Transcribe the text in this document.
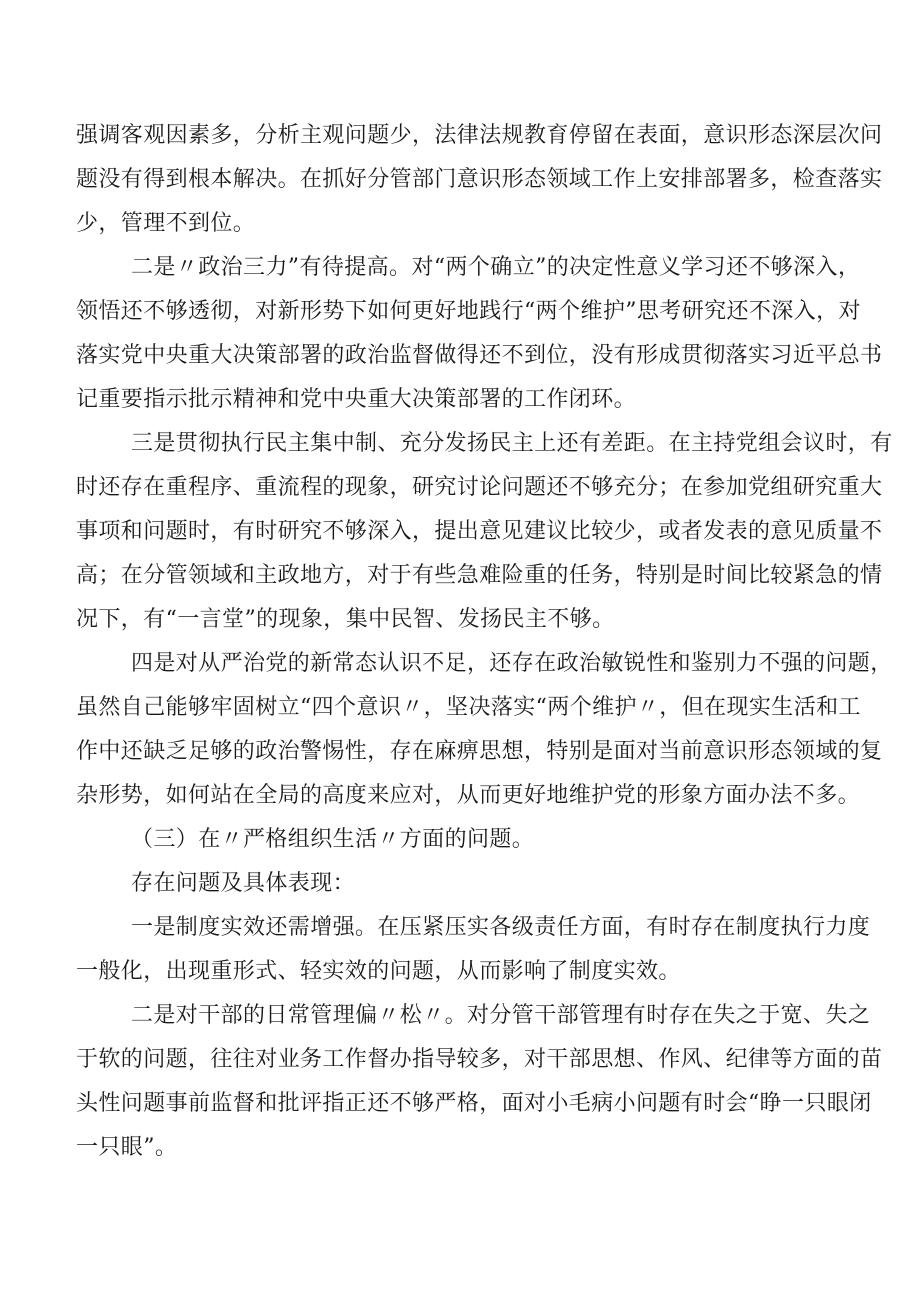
强调客观因素多，分析主观问题少，法律法规教育停留在表面，意识形态深层次问
题没有得到根本解决。在抓好分管部门意识形态领域工作上安排部署多，检查落实
少，管理不到位。
二是〃政治三力”有待提高。对“两个确立”的决定性意义学习还不够深入，
领悟还不够透彻，对新形势下如何更好地践行“两个维护”思考研究还不深入，对
落实党中央重大决策部署的政治监督做得还不到位，没有形成贯彻落实习近平总书
记重要指示批示精神和党中央重大决策部署的工作闭环。
三是贯彻执行民主集中制、充分发扬民主上还有差距。在主持党组会议时，有
时还存在重程序、重流程的现象，研究讨论问题还不够充分；在参加党组研究重大
事项和问题时，有时研究不够深入，提出意见建议比较少，或者发表的意见质量不
高；在分管领域和主政地方，对于有些急难险重的任务，特别是时间比较紧急的情
况下，有“一言堂”的现象，集中民智、发扬民主不够。
四是对从严治党的新常态认识不足，还存在政治敏锐性和鉴别力不强的问题，
虽然自己能够牢固树立“四个意识〃，坚决落实“两个维护〃，但在现实生活和工
作中还缺乏足够的政治警惕性，存在麻痹思想，特别是面对当前意识形态领域的复
杂形势，如何站在全局的高度来应对，从而更好地维护党的形象方面办法不多。
（三）在〃严格组织生活〃方面的问题。
存在问题及具体表现：
一是制度实效还需增强。在压紧压实各级责任方面，有时存在制度执行力度
一般化，出现重形式、轻实效的问题，从而影响了制度实效。
二是对干部的日常管理偏〃松〃。对分管干部管理有时存在失之于宽、失之
于软的问题，往往对业务工作督办指导较多，对干部思想、作风、纪律等方面的苗
头性问题事前监督和批评指正还不够严格，面对小毛病小问题有时会“睁一只眼闭
一只眼”。
